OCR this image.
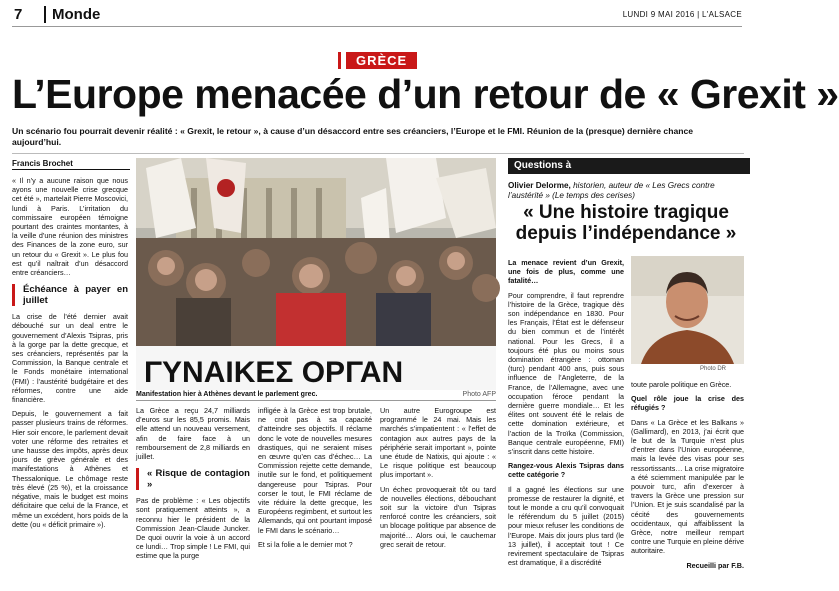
7	Monde	LUNDI 9 MAI 2016 | L'ALSACE
GRÈCE
L’Europe menacée d’un retour de « Grexit »
Un scénario fou pourrait devenir réalité : « Grexit, le retour », à cause d’un désaccord entre ses créanciers, l’Europe et le FMI. Réunion de la (presque) dernière chance aujourd’hui.
Francis Brochet

« Il n’y a aucune raison que nous ayons une nouvelle crise grecque cet été », martelait Pierre Moscovici, lundi à Paris. L’irritation du commissaire européen témoigne pourtant des craintes montantes, à la veille d’une réunion des ministres des Finances de la zone euro, sur un retour du « Grexit ». Le plus fou est qu’il naîtrait d’un désaccord entre créanciers…

Échéance à payer en juillet

La crise de l’été dernier avait débouché sur un deal entre le gouvernement d’Alexis Tsipras, pris à la gorge par la dette grecque, et ses créanciers, représentés par la Commission, la Banque centrale et le Fonds monétaire international (FMI) : l’austérité budgétaire et des réformes, contre une aide financière.

Depuis, le gouvernement a fait passer plusieurs trains de réformes. Hier soir encore, le parlement devait voter une réforme des retraites et une hausse des impôts, après deux jours de grève générale et des manifestations à Athènes et Thessalonique. Le chômage reste très élevé (25 %), et la croissance négative, mais le budget est moins déficitaire que celui de la France, et même un excédent, hors poids de la dette (ou « déficit primaire »).

ΓΥΝΑΙΚΕΣ ΟΡΓΑΝ
Manifestation hier à Athènes devant le parlement grec.	Photo AFP

La Grèce a reçu 24,7 milliards d’euros sur les 85,5 promis. Mais elle attend un nouveau versement, afin de faire face à un remboursement de 2,8 milliards en juillet.

« Risque de contagion »

Pas de problème : « Les objectifs sont pratiquement atteints », a reconnu hier le président de la Commission Jean-Claude Juncker. De quoi ouvrir la voie à un accord ce lundi… Trop simple ! Le FMI, qui estime que la purge

infligée à la Grèce est trop brutale, ne croit pas à sa capacité d’atteindre ses objectifs. Il réclame donc le vote de nouvelles mesures drastiques, qui ne seraient mises en œuvre qu’en cas d’échec… La Commission rejette cette demande, inutile sur le fond, et politiquement dangereuse pour Tsipras. Pour corser le tout, le FMI réclame de vite réduire la dette grecque, les Européens regimbent, et surtout les Allemands, qui ont pourtant imposé le FMI dans le scénario…

Et si la folie a le dernier mot ?

Un autre Eurogroupe est programmé le 24 mai. Mais les marchés s’impatientent : « l’effet de contagion aux autres pays de la périphérie serait important », pointe une étude de Natixis, qui ajoute : « Le risque politique est beaucoup plus important ».

Un échec provoquerait tôt ou tard de nouvelles élections, débouchant soit sur la victoire d’un Tsipras renforcé contre les créanciers, soit un blocage politique par absence de majorité… Alors oui, le cauchemar grec serait de retour.

Questions à
Olivier Delorme, historien, auteur de « Les Grecs contre l’austérité » (Le temps des cerises)
« Une histoire tragique depuis l’indépendance »

La menace revient d’un Grexit, une fois de plus, comme une fatalité…

Pour comprendre, il faut reprendre l’histoire de la Grèce, tragique dès son indépendance en 1830. Pour les Français, l’État est le défenseur du bien commun et de l’intérêt national. Pour les Grecs, il a toujours été plus ou moins sous domination étrangère : ottoman (turc) pendant 400 ans, puis sous influence de l’Angleterre, de la France, de l’Allemagne, avec une occupation féroce pendant la dernière guerre mondiale… Et les élites ont souvent été le relais de cette domination extérieure, et l’action de la Troïka (Commission, Banque centrale européenne, FMI) s’inscrit dans cette histoire.

Rangez-vous Alexis Tsipras dans cette catégorie ?

Il a gagné les élections sur une promesse de restaurer la dignité, et tout le monde a cru qu’il convoquait le référendum du 5 juillet (2015) pour mieux refuser les conditions de l’Europe. Mais dix jours plus tard (le 13 juillet), il acceptait tout ! Ce revirement spectaculaire de Tsipras est dramatique, il a discrédité

Photo DR

toute parole politique en Grèce.

Quel rôle joue la crise des réfugiés ?

Dans « La Grèce et les Balkans » (Gallimard), en 2013, j’ai écrit que le but de la Turquie n’est plus d’entrer dans l’Union européenne, mais la levée des visas pour ses ressortissants… La crise migratoire a été sciemment manipulée par le pouvoir turc, afin d’exercer à travers la Grèce une pression sur l’Union. Et je suis scandalisé par la cécité des gouvernements occidentaux, qui affaiblissent la Grèce, notre meilleur rempart contre une Turquie en pleine dérive autoritaire.

Recueilli par F.B.
